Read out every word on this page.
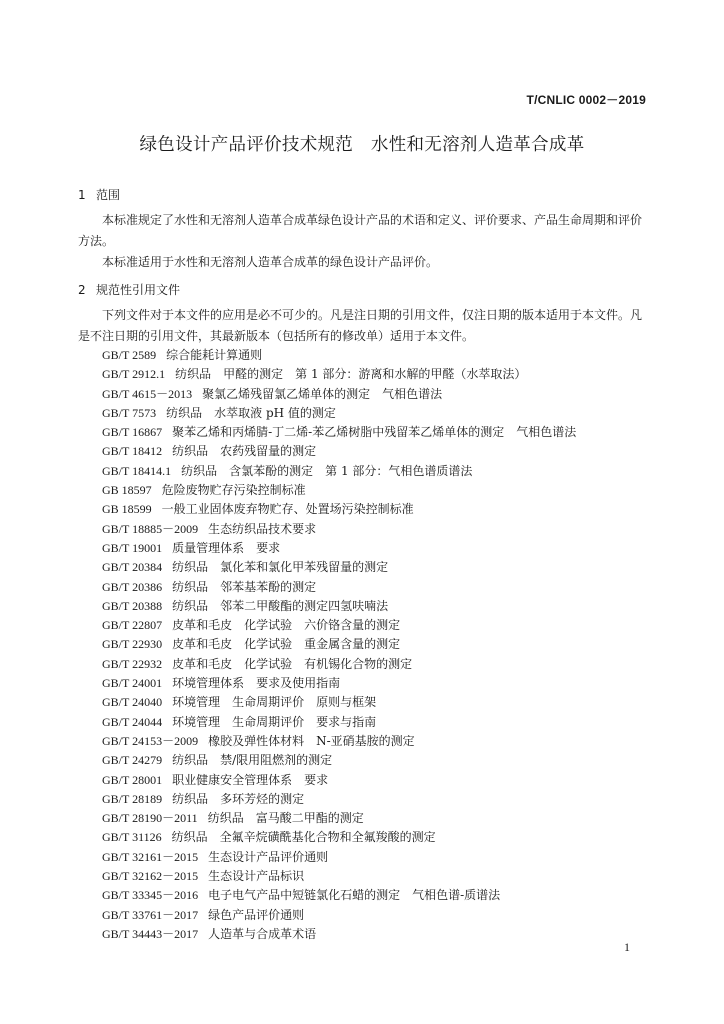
T/CNLIC 0002－2019
绿色设计产品评价技术规范　水性和无溶剂人造革合成革
1 范围

本标准规定了水性和无溶剂人造革合成革绿色设计产品的术语和定义、评价要求、产品生命周期和评价方法。

本标准适用于水性和无溶剂人造革合成革的绿色设计产品评价。

2 规范性引用文件

下列文件对于本文件的应用是必不可少的。凡是注日期的引用文件，仅注日期的版本适用于本文件。凡是不注日期的引用文件，其最新版本（包括所有的修改单）适用于本文件。

GB/T 2589 综合能耗计算通则
GB/T 2912.1 纺织品　甲醛的测定　第 1 部分：游离和水解的甲醛（水萃取法）
GB/T 4615－2013 聚氯乙烯残留氯乙烯单体的测定　气相色谱法
GB/T 7573 纺织品　水萃取液 pH 值的测定
GB/T 16867 聚苯乙烯和丙烯腈-丁二烯-苯乙烯树脂中残留苯乙烯单体的测定　气相色谱法
GB/T 18412 纺织品　农药残留量的测定
GB/T 18414.1 纺织品　含氯苯酚的测定　第 1 部分：气相色谱质谱法
GB 18597 危险废物贮存污染控制标准
GB 18599 一般工业固体废弃物贮存、处置场污染控制标准
GB/T 18885－2009 生态纺织品技术要求
GB/T 19001 质量管理体系　要求
GB/T 20384 纺织品　氯化苯和氯化甲苯残留量的测定
GB/T 20386 纺织品　邻苯基苯酚的测定
GB/T 20388 纺织品　邻苯二甲酸酯的测定四氢呋喃法
GB/T 22807 皮革和毛皮　化学试验　六价铬含量的测定
GB/T 22930 皮革和毛皮　化学试验　重金属含量的测定
GB/T 22932 皮革和毛皮　化学试验　有机锡化合物的测定
GB/T 24001 环境管理体系　要求及使用指南
GB/T 24040 环境管理　生命周期评价　原则与框架
GB/T 24044 环境管理　生命周期评价　要求与指南
GB/T 24153－2009 橡胶及弹性体材料　N-亚硝基胺的测定
GB/T 24279 纺织品　禁/限用阻燃剂的测定
GB/T 28001 职业健康安全管理体系　要求
GB/T 28189 纺织品　多环芳烃的测定
GB/T 28190－2011 纺织品　富马酸二甲酯的测定
GB/T 31126 纺织品　全氟辛烷磺酰基化合物和全氟羧酸的测定
GB/T 32161－2015 生态设计产品评价通则
GB/T 32162－2015 生态设计产品标识
GB/T 33345－2016 电子电气产品中短链氯化石蜡的测定　气相色谱-质谱法
GB/T 33761－2017 绿色产品评价通则
GB/T 34443－2017 人造革与合成革术语
1
